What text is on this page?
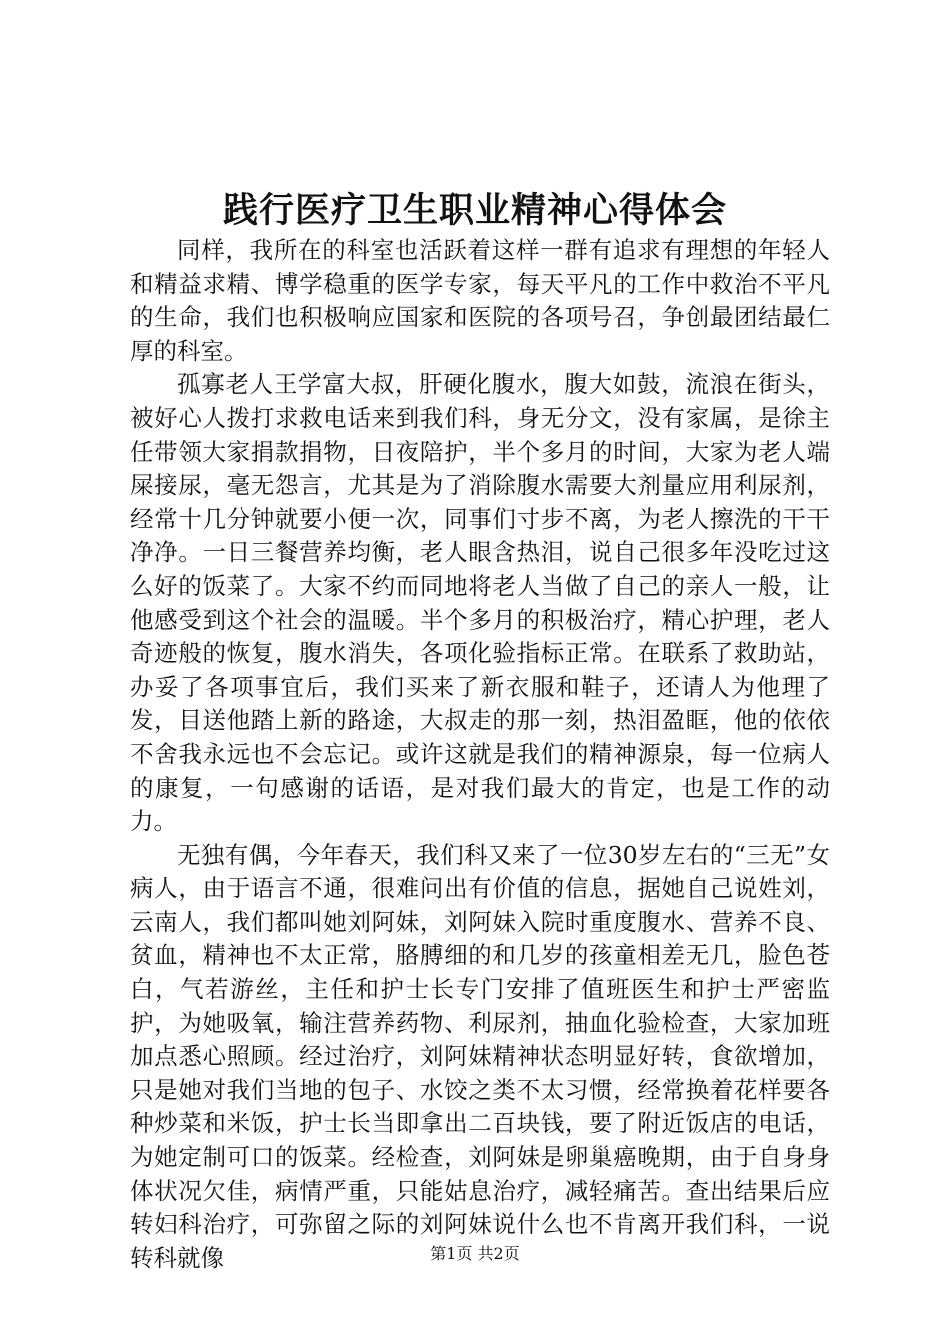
践行医疗卫生职业精神心得体会

同样，我所在的科室也活跃着这样一群有追求有理想的年轻人和精益求精、博学稳重的医学专家，每天平凡的工作中救治不平凡的生命，我们也积极响应国家和医院的各项号召，争创最团结最仁厚的科室。

孤寡老人王学富大叔，肝硬化腹水，腹大如鼓，流浪在街头，被好心人拨打求救电话来到我们科，身无分文，没有家属，是徐主任带领大家捐款捐物，日夜陪护，半个多月的时间，大家为老人端屎接尿，毫无怨言，尤其是为了消除腹水需要大剂量应用利尿剂，经常十几分钟就要小便一次，同事们寸步不离，为老人擦洗的干干净净。一日三餐营养均衡，老人眼含热泪，说自己很多年没吃过这么好的饭菜了。大家不约而同地将老人当做了自己的亲人一般，让他感受到这个社会的温暖。半个多月的积极治疗，精心护理，老人奇迹般的恢复，腹水消失，各项化验指标正常。在联系了救助站，办妥了各项事宜后，我们买来了新衣服和鞋子，还请人为他理了发，目送他踏上新的路途，大叔走的那一刻，热泪盈眶，他的依依不舍我永远也不会忘记。或许这就是我们的精神源泉，每一位病人的康复，一句感谢的话语，是对我们最大的肯定，也是工作的动力。

无独有偶，今年春天，我们科又来了一位30岁左右的“三无”女病人，由于语言不通，很难问出有价值的信息，据她自己说姓刘，云南人，我们都叫她刘阿妹，刘阿妹入院时重度腹水、营养不良、贫血，精神也不太正常，胳膊细的和几岁的孩童相差无几，脸色苍白，气若游丝，主任和护士长专门安排了值班医生和护士严密监护，为她吸氧，输注营养药物、利尿剂，抽血化验检查，大家加班加点悉心照顾。经过治疗，刘阿妹精神状态明显好转，食欲增加，只是她对我们当地的包子、水饺之类不太习惯，经常换着花样要各种炒菜和米饭，护士长当即拿出二百块钱，要了附近饭店的电话，为她定制可口的饭菜。经检查，刘阿妹是卵巢癌晚期，由于自身身体状况欠佳，病情严重，只能姑息治疗，减轻痛苦。查出结果后应转妇科治疗，可弥留之际的刘阿妹说什么也不肯离开我们科，一说转科就像	第1页 共2页
